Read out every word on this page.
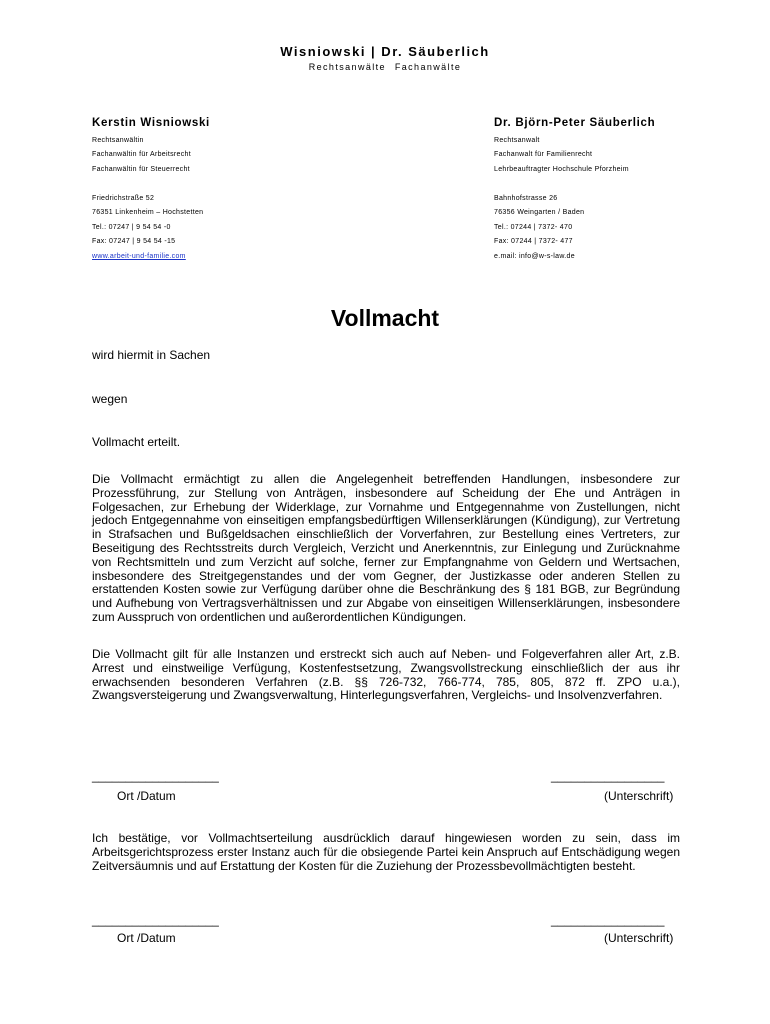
Wisniowski | Dr. Säuberlich
Rechtsanwälte Fachanwälte
Kerstin Wisniowski
Rechtsanwältin
Fachanwältin für Arbeitsrecht
Fachanwältin für Steuerrecht
Friedrichstraße 52
76351 Linkenheim – Hochstetten
Tel.: 07247 | 9 54 54 -0
Fax: 07247 | 9 54 54 -15
www.arbeit-und-familie.com
Dr. Björn-Peter Säuberlich
Rechtsanwalt
Fachanwalt für Familienrecht
Lehrbeauftragter Hochschule Pforzheim
Bahnhofstrasse 26
76356 Weingarten / Baden
Tel.: 07244 | 7372- 470
Fax: 07244 | 7372- 477
e.mail: info@w-s-law.de
Vollmacht
wird hiermit in Sachen
wegen
Vollmacht erteilt.
Die Vollmacht ermächtigt zu allen die Angelegenheit betreffenden Handlungen, insbesondere zur Prozessführung, zur Stellung von Anträgen, insbesondere auf Scheidung der Ehe und Anträgen in Folgesachen, zur Erhebung der Widerklage, zur Vornahme und Entgegennahme von Zustellungen, nicht jedoch Entgegennahme von einseitigen empfangsbedürftigen Willenserklärungen (Kündigung), zur Vertretung in Strafsachen und Bußgeldsachen einschließlich der Vorverfahren, zur Bestellung eines Vertreters, zur Beseitigung des Rechtsstreits durch Vergleich, Verzicht und Anerkenntnis, zur Einlegung und Zurücknahme von Rechtsmitteln und zum Verzicht auf solche, ferner zur Empfangnahme von Geldern und Wertsachen, insbesondere des Streitgegenstandes und der vom Gegner, der Justizkasse oder anderen Stellen zu erstattenden Kosten sowie zur Verfügung darüber ohne die Beschränkung des § 181 BGB, zur Begründung und Aufhebung von Vertragsverhältnissen und zur Abgabe von einseitigen Willenserklärungen, insbesondere zum Ausspruch von ordentlichen und außerordentlichen Kündigungen.
Die Vollmacht gilt für alle Instanzen und erstreckt sich auch auf Neben- und Folgeverfahren aller Art, z.B. Arrest und einstweilige Verfügung, Kostenfestsetzung, Zwangsvollstreckung einschließlich der aus ihr erwachsenden besonderen Verfahren (z.B. §§ 726-732, 766-774, 785, 805, 872 ff. ZPO u.a.), Zwangsversteigerung und Zwangsverwaltung, Hinterlegungsverfahren, Vergleichs- und Insolvenzverfahren.
___________________	_________________
Ort /Datum	(Unterschrift)
Ich bestätige, vor Vollmachtserteilung ausdrücklich darauf hingewiesen worden zu sein, dass im Arbeitsgerichtsprozess erster Instanz auch für die obsiegende Partei kein Anspruch auf Entschädigung wegen Zeitversäumnis und auf Erstattung der Kosten für die Zuziehung der Prozessbevollmächtigten besteht.
___________________	_________________
Ort /Datum	(Unterschrift)
